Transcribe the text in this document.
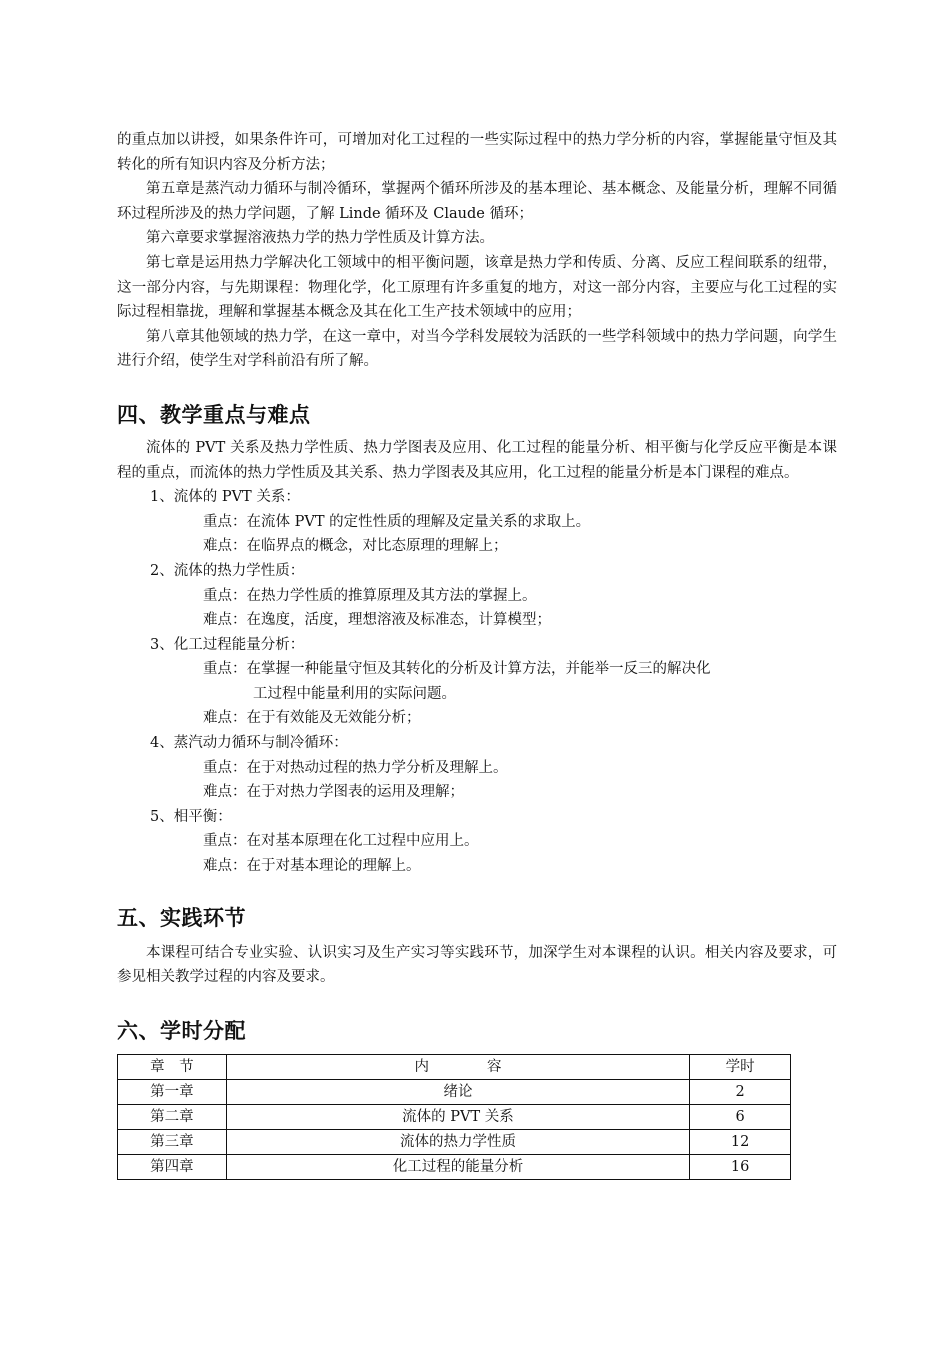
的重点加以讲授，如果条件许可，可增加对化工过程的一些实际过程中的热力学分析的内容，掌握能量守恒及其转化的所有知识内容及分析方法；

第五章是蒸汽动力循环与制冷循环，掌握两个循环所涉及的基本理论、基本概念、及能量分析，理解不同循环过程所涉及的热力学问题，了解 Linde 循环及 Claude 循环；

第六章要求掌握溶液热力学的热力学性质及计算方法。

第七章是运用热力学解决化工领域中的相平衡问题，该章是热力学和传质、分离、反应工程间联系的纽带，这一部分内容，与先期课程：物理化学，化工原理有许多重复的地方，对这一部分内容，主要应与化工过程的实际过程相靠拢，理解和掌握基本概念及其在化工生产技术领域中的应用；

第八章其他领域的热力学，在这一章中，对当今学科发展较为活跃的一些学科领域中的热力学问题，向学生进行介绍，使学生对学科前沿有所了解。

四、教学重点与难点

流体的 PVT 关系及热力学性质、热力学图表及应用、化工过程的能量分析、相平衡与化学反应平衡是本课程的重点，而流体的热力学性质及其关系、热力学图表及其应用，化工过程的能量分析是本门课程的难点。

1、流体的 PVT 关系：
重点：在流体 PVT 的定性性质的理解及定量关系的求取上。
难点：在临界点的概念，对比态原理的理解上；
2、流体的热力学性质：
重点：在热力学性质的推算原理及其方法的掌握上。
难点：在逸度，活度，理想溶液及标准态，计算模型；
3、化工过程能量分析：
重点：在掌握一种能量守恒及其转化的分析及计算方法，并能举一反三的解决化
工过程中能量利用的实际问题。
难点：在于有效能及无效能分析；
4、蒸汽动力循环与制冷循环：
重点：在于对热动过程的热力学分析及理解上。
难点：在于对热力学图表的运用及理解；
5、相平衡：
重点：在对基本原理在化工过程中应用上。
难点：在于对基本理论的理解上。
五、实践环节

本课程可结合专业实验、认识实习及生产实习等实践环节，加深学生对本课程的认识。相关内容及要求，可参见相关教学过程的内容及要求。

六、学时分配
章　节	内　　　　容	学时
第一章	绪论	2
第二章	流体的 PVT 关系	6
第三章	流体的热力学性质	12
第四章	化工过程的能量分析	16
